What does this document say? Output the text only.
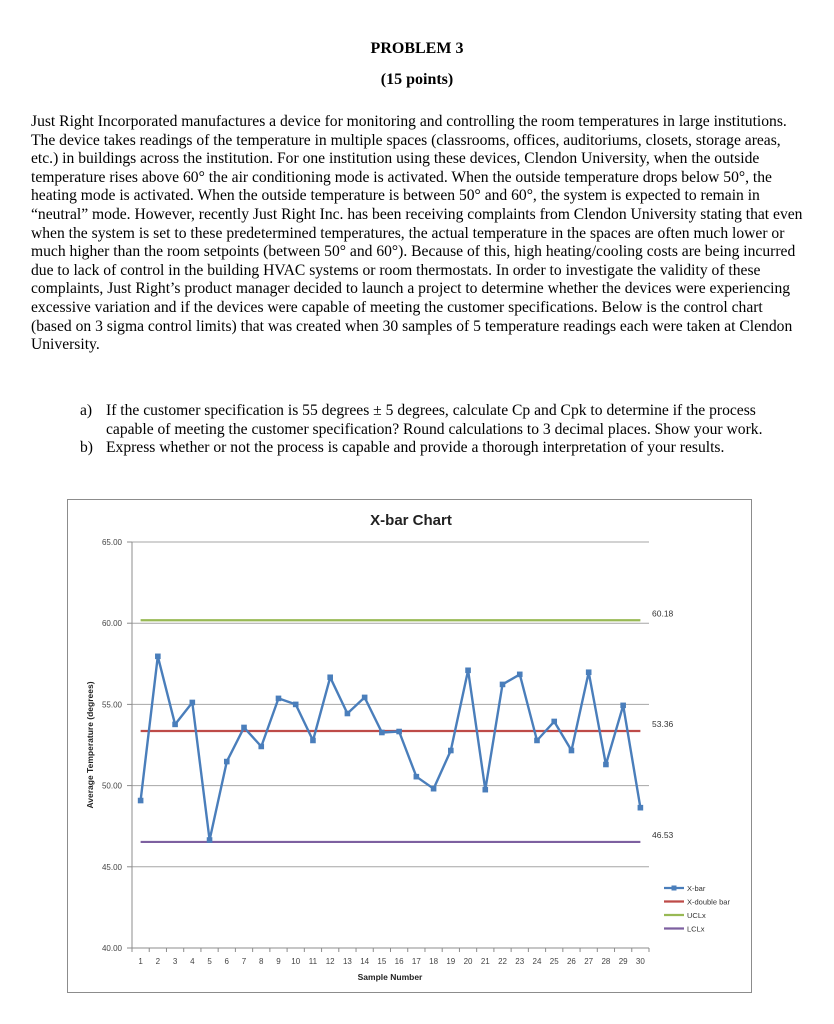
PROBLEM 3
(15 points)
Just Right Incorporated manufactures a device for monitoring and controlling the room temperatures in large institutions. The device takes readings of the temperature in multiple spaces (classrooms, offices, auditoriums, closets, storage areas, etc.) in buildings across the institution. For one institution using these devices, Clendon University, when the outside temperature rises above 60° the air conditioning mode is activated. When the outside temperature drops below 50°, the heating mode is activated. When the outside temperature is between 50° and 60°, the system is expected to remain in “neutral” mode. However, recently Just Right Inc. has been receiving complaints from Clendon University stating that even when the system is set to these predetermined temperatures, the actual temperature in the spaces are often much lower or much higher than the room setpoints (between 50° and 60°). Because of this, high heating/cooling costs are being incurred due to lack of control in the building HVAC systems or room thermostats. In order to investigate the validity of these complaints, Just Right’s product manager decided to launch a project to determine whether the devices were experiencing excessive variation and if the devices were capable of meeting the customer specifications. Below is the control chart (based on 3 sigma control limits) that was created when 30 samples of 5 temperature readings each were taken at Clendon University.
a) If the customer specification is 55 degrees ± 5 degrees, calculate Cp and Cpk to determine if the process capable of meeting the customer specification? Round calculations to 3 decimal places. Show your work.
b) Express whether or not the process is capable and provide a thorough interpretation of your results.
X-bar Chart
40.00
45.00
50.00
55.00
60.00
65.00
1 2 3 4 5 6 7 8 9 10 11 12 13 14 15 16 17 18 19 20 21 22 23 24 25 26 27 28 29 30
53.36
60.18
46.53
Average Temperature (degrees)
Sample Number
X-bar
X-double bar
UCLx
LCLx
